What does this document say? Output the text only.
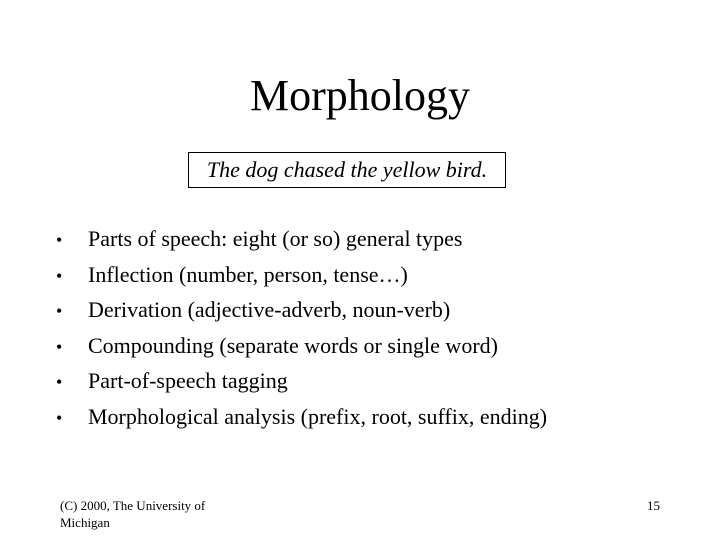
Morphology
The dog chased the yellow bird.
•	Parts of speech: eight (or so) general types
•	Inflection (number, person, tense…)
•	Derivation (adjective-adverb, noun-verb)
•	Compounding (separate words or single word)
•	Part-of-speech tagging
•	Morphological analysis (prefix, root, suffix, ending)
(C) 2000, The University of Michigan
15
